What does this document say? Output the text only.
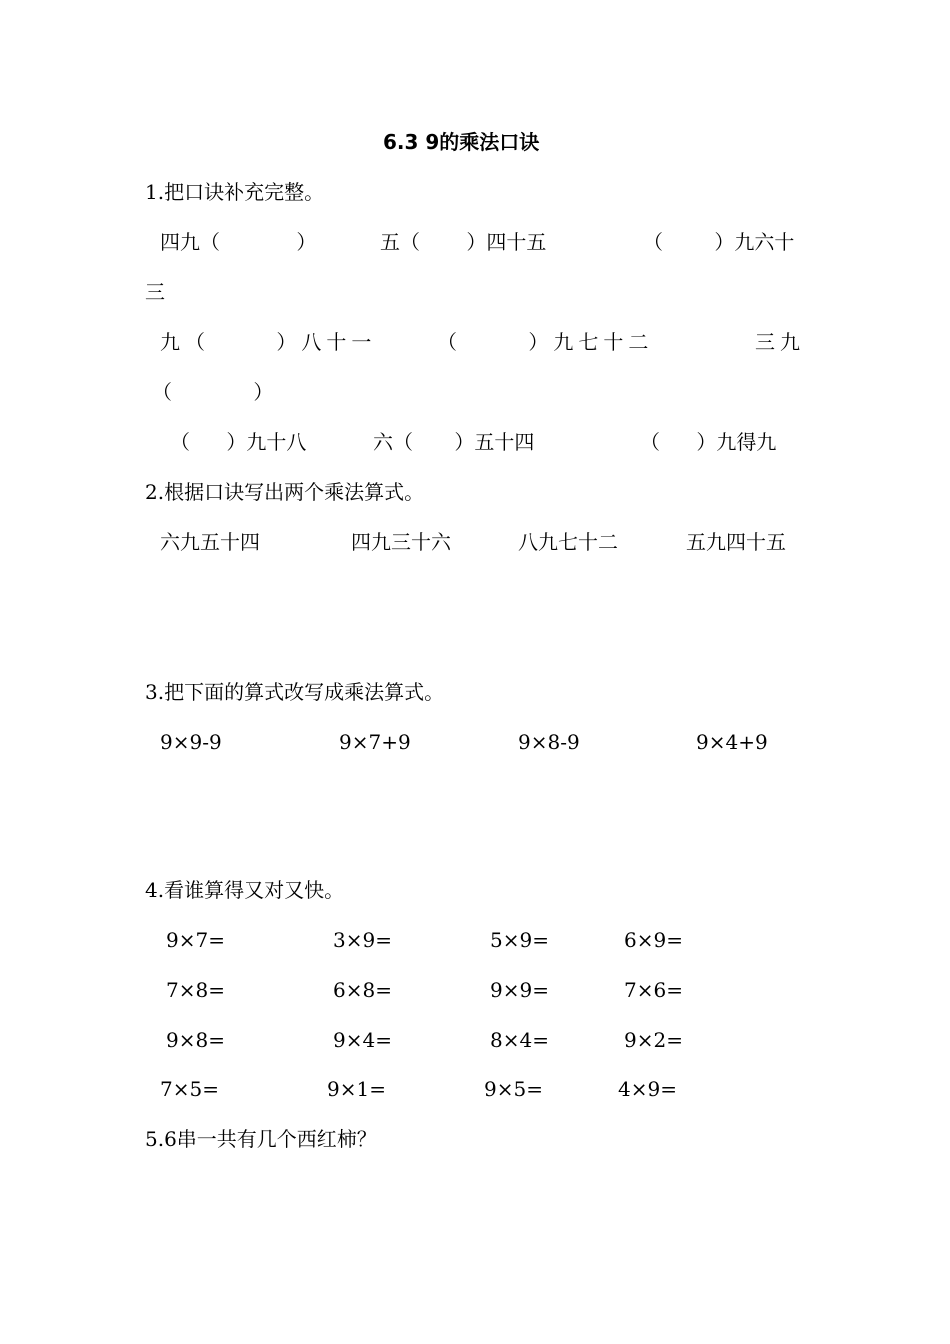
6.3 9的乘法口诀
1.把口诀补充完整。
四九（ ）	五（ ）四十五	（ ）九六十
三
九（ ）八十一	（ ）九七十二	三九
（ ）
（ ）九十八	六（ ）五十四	（ ）九得九
2.根据口诀写出两个乘法算式。
六九五十四	四九三十六	八九七十二	五九四十五
3.把下面的算式改写成乘法算式。
9×9-9	9×7+9	9×8-9	9×4+9
4.看谁算得又对又快。
9×7=	3×9=	5×9=	6×9=
7×8=	6×8=	9×9=	7×6=
9×8=	9×4=	8×4=	9×2=
7×5=	9×1=	9×5=	4×9=
5.6串一共有几个西红柿？
